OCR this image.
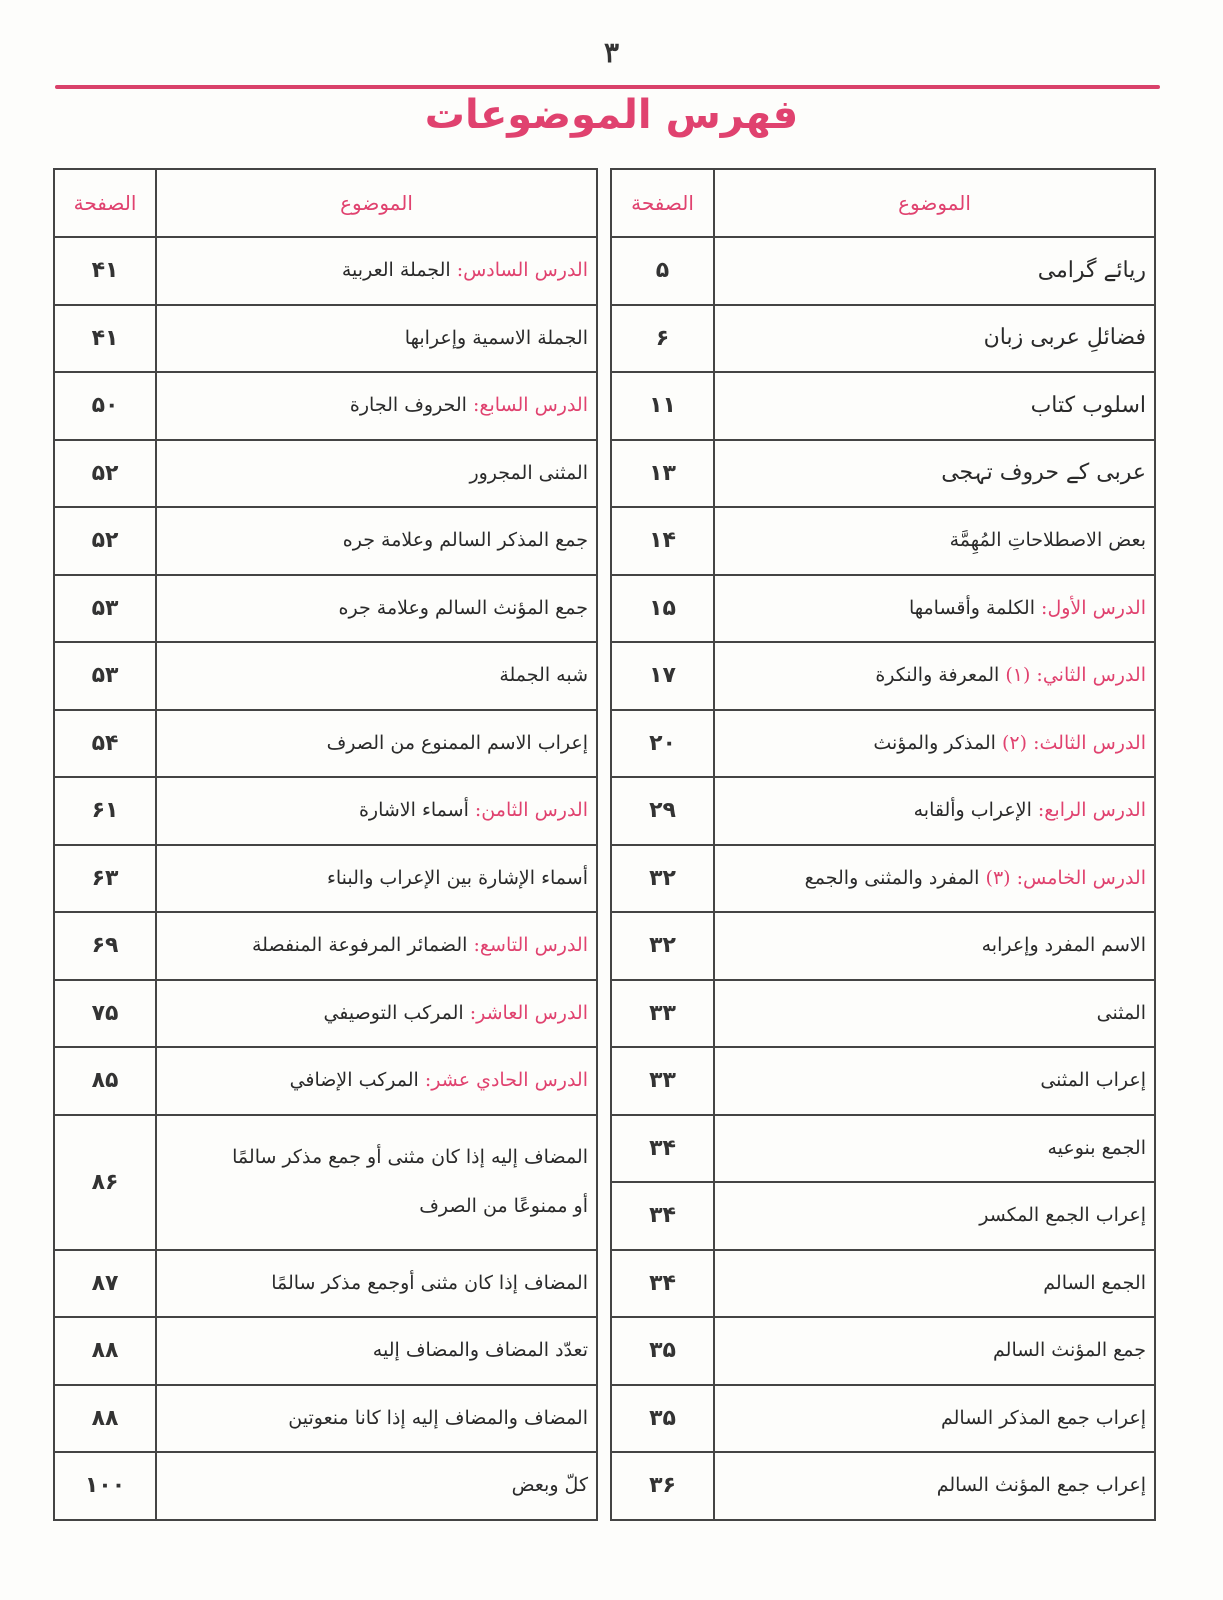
٣
فهرس الموضوعات
الموضوع	الصفحة
ریائے گرامی	۵
فضائلِ عربی زبان	۶
اسلوب کتاب	۱۱
عربی کے حروف تہجی	۱۳
بعض الاصطلاحاتِ المُهِمَّة	۱۴
الدرس الأول: الكلمة وأقسامها	۱۵
الدرس الثاني: (١) المعرفة والنكرة	۱۷
الدرس الثالث: (٢) المذكر والمؤنث	۲۰
الدرس الرابع: الإعراب وألقابه	۲۹
الدرس الخامس: (٣) المفرد والمثنى والجمع	۳۲
الاسم المفرد وإعرابه	۳۲
المثنى	۳۳
إعراب المثنى	۳۳
الجمع بنوعيه	۳۴
إعراب الجمع المكسر	۳۴
الجمع السالم	۳۴
جمع المؤنث السالم	۳۵
إعراب جمع المذكر السالم	۳۵
إعراب جمع المؤنث السالم	۳۶
الموضوع	الصفحة
الدرس السادس: الجملة العربية	۴۱
الجملة الاسمية وإعرابها	۴۱
الدرس السابع: الحروف الجارة	۵۰
المثنى المجرور	۵۲
جمع المذكر السالم وعلامة جره	۵۲
جمع المؤنث السالم وعلامة جره	۵۳
شبه الجملة	۵۳
إعراب الاسم الممنوع من الصرف	۵۴
الدرس الثامن: أسماء الاشارة	۶۱
أسماء الإشارة بين الإعراب والبناء	۶۳
الدرس التاسع: الضمائر المرفوعة المنفصلة	۶۹
الدرس العاشر: المركب التوصيفي	۷۵
الدرس الحادي عشر: المركب الإضافي	۸۵
المضاف إليه إذا كان مثنى أو جمع مذكر سالمًا
أو ممنوعًا من الصرف	۸۶
المضاف إذا كان مثنى أوجمع مذكر سالمًا	۸۷
تعدّد المضاف والمضاف إليه	۸۸
المضاف والمضاف إليه إذا كانا منعوتين	۸۸
كلّ وبعض	۱۰۰
